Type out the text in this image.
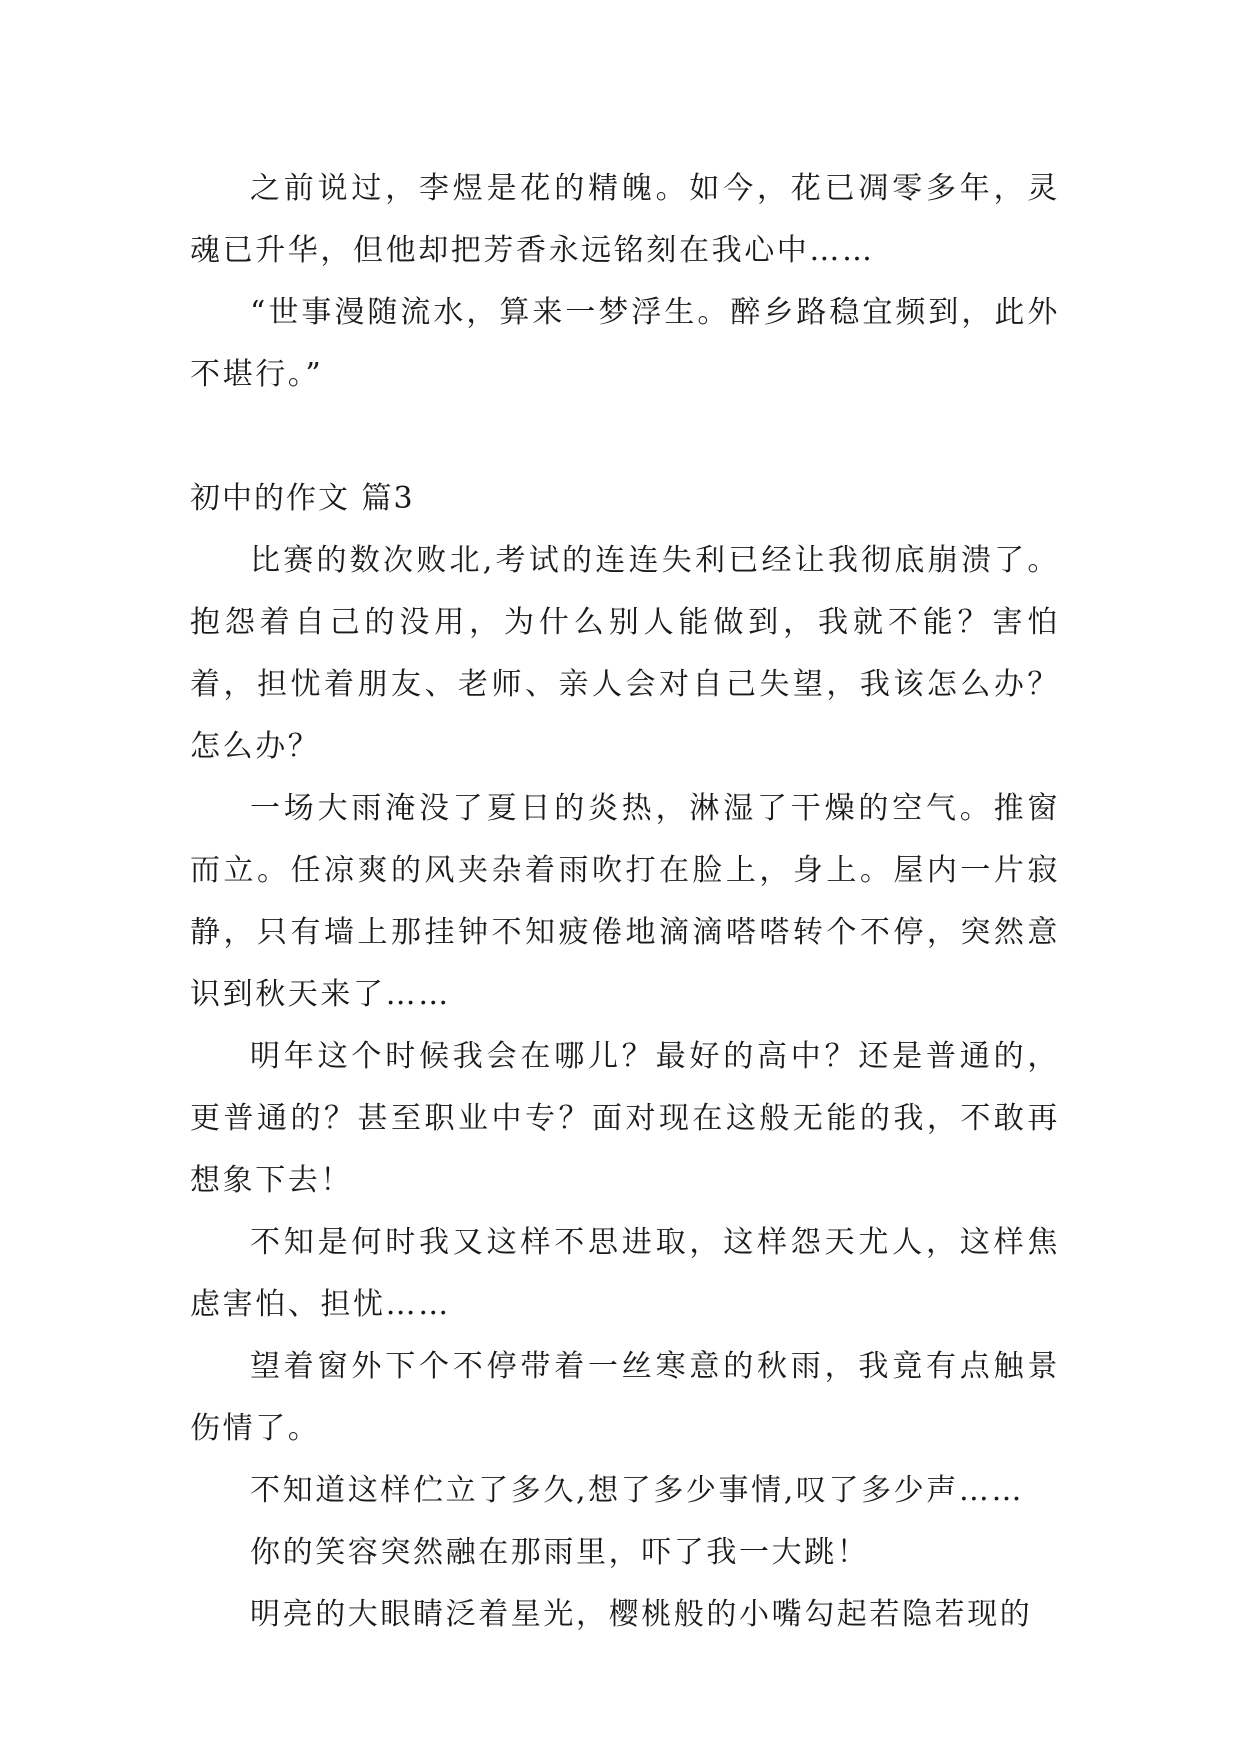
之前说过，李煜是花的精魄。如今，花已凋零多年，灵魂已升华，但他却把芳香永远铭刻在我心中……

“世事漫随流水，算来一梦浮生。醉乡路稳宜频到，此外不堪行。”

初中的作文 篇3

比赛的数次败北,考试的连连失利已经让我彻底崩溃了。抱怨着自己的没用，为什么别人能做到，我就不能？害怕着，担忧着朋友、老师、亲人会对自己失望，我该怎么办？怎么办？

一场大雨淹没了夏日的炎热，淋湿了干燥的空气。推窗而立。任凉爽的风夹杂着雨吹打在脸上，身上。屋内一片寂静，只有墙上那挂钟不知疲倦地滴滴嗒嗒转个不停，突然意识到秋天来了……

明年这个时候我会在哪儿？最好的高中？还是普通的，更普通的？甚至职业中专？面对现在这般无能的我，不敢再想象下去！

不知是何时我又这样不思进取，这样怨天尤人，这样焦虑害怕、担忧……

望着窗外下个不停带着一丝寒意的秋雨，我竟有点触景伤情了。

不知道这样伫立了多久,想了多少事情,叹了多少声……

你的笑容突然融在那雨里，吓了我一大跳！

明亮的大眼睛泛着星光，樱桃般的小嘴勾起若隐若现的
